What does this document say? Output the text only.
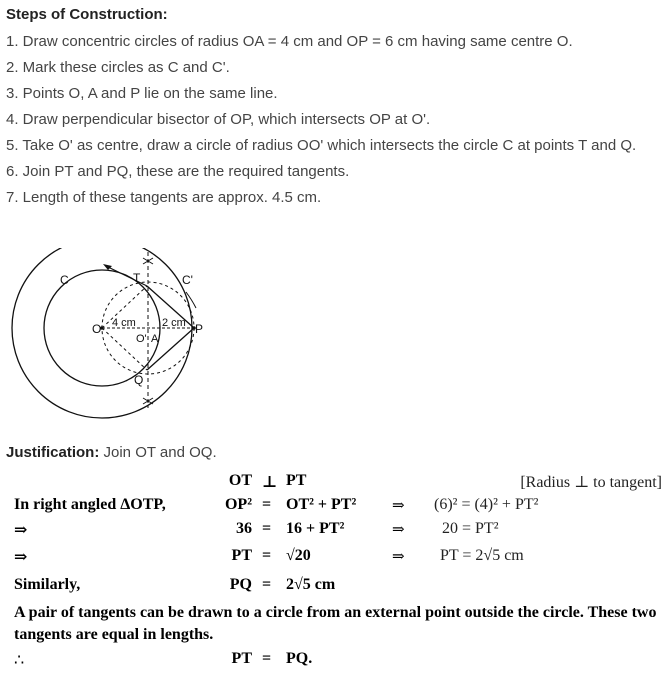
Steps of Construction:
1. Draw concentric circles of radius OA = 4 cm and OP = 6 cm having same centre O.
2. Mark these circles as C and C'.
3. Points O, A and P lie on the same line.
4. Draw perpendicular bisector of OP, which intersects OP at O'.
5. Take O' as centre, draw a circle of radius OO' which intersects the circle C at points T and Q.
6. Join PT and PQ, these are the required tangents.
7. Length of these tangents are approx. 4.5 cm.
C	C'
T
Q
O
O' A
P
4 cm 2 cm
Justification: Join OT and OQ.
OT ⊥ PT	[Radius ⊥ to tangent]
In right angled ΔOTP,	OP² = OT² + PT² ⇒ (6)² = (4)² + PT²
⇒	36 = 16 + PT²	⇒ 20 = PT²
⇒	PT = √20	⇒ PT = 2√5 cm
Similarly,	PQ = 2√5 cm
A pair of tangents can be drawn to a circle from an external point outside the circle. These two tangents are equal in lengths.
∴	PT = PQ.
